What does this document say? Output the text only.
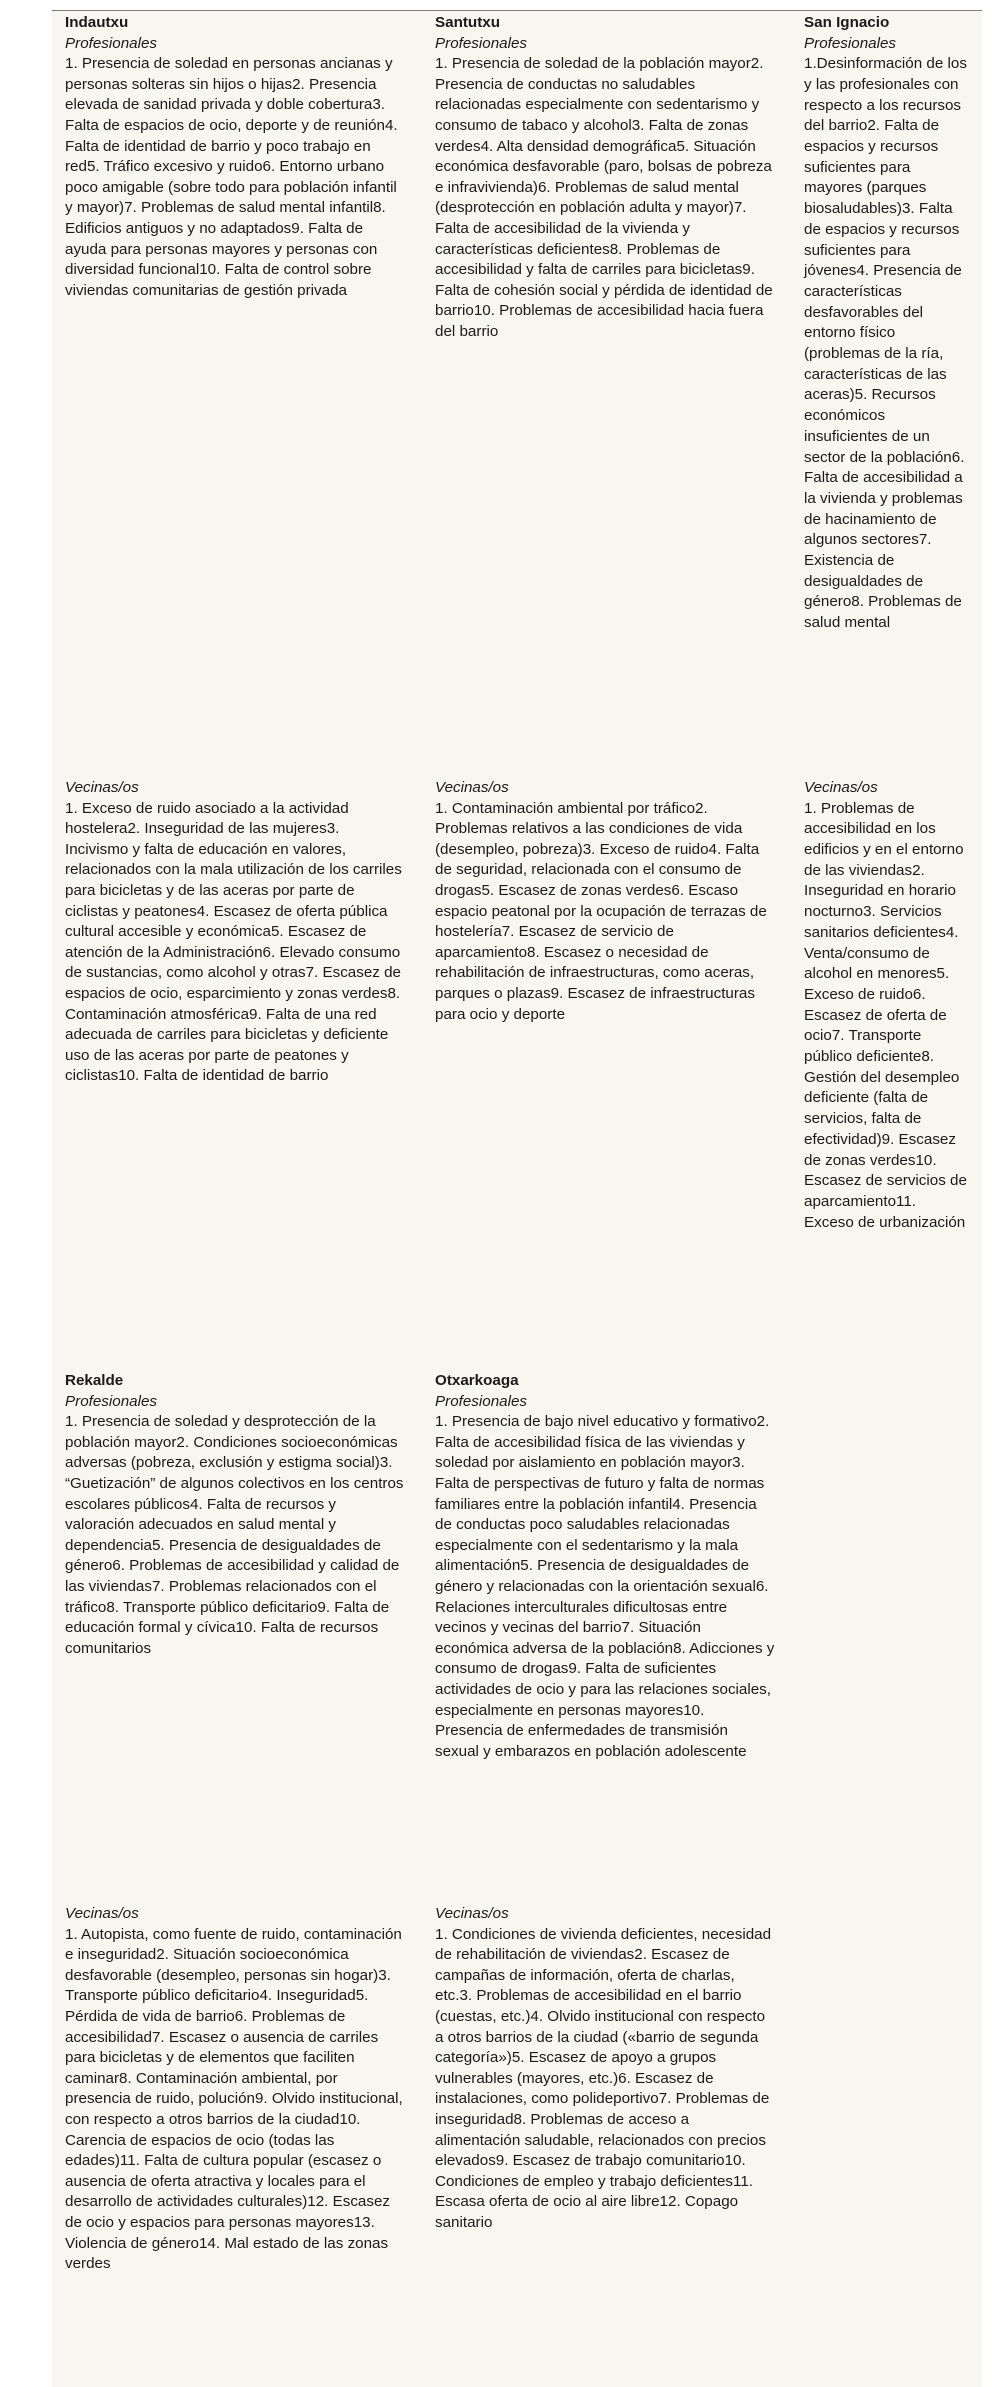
Indautxu
Profesionales
1. Presencia de soledad en personas ancianas y personas solteras sin hijos o hijas2. Presencia elevada de sanidad privada y doble cobertura3. Falta de espacios de ocio, deporte y de reunión4. Falta de identidad de barrio y poco trabajo en red5. Tráfico excesivo y ruido6. Entorno urbano poco amigable (sobre todo para población infantil y mayor)7. Problemas de salud mental infantil8. Edificios antiguos y no adaptados9. Falta de ayuda para personas mayores y personas con diversidad funcional10. Falta de control sobre viviendas comunitarias de gestión privada
Santutxu
Profesionales
1. Presencia de soledad de la población mayor2. Presencia de conductas no saludables relacionadas especialmente con sedentarismo y consumo de tabaco y alcohol3. Falta de zonas verdes4. Alta densidad demográfica5. Situación económica desfavorable (paro, bolsas de pobreza e infravivienda)6. Problemas de salud mental (desprotección en población adulta y mayor)7. Falta de accesibilidad de la vivienda y características deficientes8. Problemas de accesibilidad y falta de carriles para bicicletas9. Falta de cohesión social y pérdida de identidad de barrio10. Problemas de accesibilidad hacia fuera del barrio
San Ignacio
Profesionales
1.Desinformación de los y las profesionales con respecto a los recursos del barrio2. Falta de espacios y recursos suficientes para mayores (parques biosaludables)3. Falta de espacios y recursos suficientes para jóvenes4. Presencia de características desfavorables del entorno físico (problemas de la ría, características de las aceras)5. Recursos económicos insuficientes de un sector de la población6. Falta de accesibilidad a la vivienda y problemas de hacinamiento de algunos sectores7. Existencia de desigualdades de género8. Problemas de salud mental
Vecinas/os
1. Exceso de ruido asociado a la actividad hostelera2. Inseguridad de las mujeres3. Incivismo y falta de educación en valores, relacionados con la mala utilización de los carriles para bicicletas y de las aceras por parte de ciclistas y peatones4. Escasez de oferta pública cultural accesible y económica5. Escasez de atención de la Administración6. Elevado consumo de sustancias, como alcohol y otras7. Escasez de espacios de ocio, esparcimiento y zonas verdes8. Contaminación atmosférica9. Falta de una red adecuada de carriles para bicicletas y deficiente uso de las aceras por parte de peatones y ciclistas10. Falta de identidad de barrio
Vecinas/os
1. Contaminación ambiental por tráfico2. Problemas relativos a las condiciones de vida (desempleo, pobreza)3. Exceso de ruido4. Falta de seguridad, relacionada con el consumo de drogas5. Escasez de zonas verdes6. Escaso espacio peatonal por la ocupación de terrazas de hostelería7. Escasez de servicio de aparcamiento8. Escasez o necesidad de rehabilitación de infraestructuras, como aceras, parques o plazas9. Escasez de infraestructuras para ocio y deporte
Vecinas/os
1. Problemas de accesibilidad en los edificios y en el entorno de las viviendas2. Inseguridad en horario nocturno3. Servicios sanitarios deficientes4. Venta/consumo de alcohol en menores5. Exceso de ruido6. Escasez de oferta de ocio7. Transporte público deficiente8. Gestión del desempleo deficiente (falta de servicios, falta de efectividad)9. Escasez de zonas verdes10. Escasez de servicios de aparcamiento11. Exceso de urbanización
Rekalde
Profesionales
1. Presencia de soledad y desprotección de la población mayor2. Condiciones socioeconómicas adversas (pobreza, exclusión y estigma social)3. “Guetización” de algunos colectivos en los centros escolares públicos4. Falta de recursos y valoración adecuados en salud mental y dependencia5. Presencia de desigualdades de género6. Problemas de accesibilidad y calidad de las viviendas7. Problemas relacionados con el tráfico8. Transporte público deficitario9. Falta de educación formal y cívica10. Falta de recursos comunitarios
Otxarkoaga
Profesionales
1. Presencia de bajo nivel educativo y formativo2. Falta de accesibilidad física de las viviendas y soledad por aislamiento en población mayor3. Falta de perspectivas de futuro y falta de normas familiares entre la población infantil4. Presencia de conductas poco saludables relacionadas especialmente con el sedentarismo y la mala alimentación5. Presencia de desigualdades de género y relacionadas con la orientación sexual6. Relaciones interculturales dificultosas entre vecinos y vecinas del barrio7. Situación económica adversa de la población8. Adicciones y consumo de drogas9. Falta de suficientes actividades de ocio y para las relaciones sociales, especialmente en personas mayores10. Presencia de enfermedades de transmisión sexual y embarazos en población adolescente
Vecinas/os
1. Autopista, como fuente de ruido, contaminación e inseguridad2. Situación socioeconómica desfavorable (desempleo, personas sin hogar)3. Transporte público deficitario4. Inseguridad5. Pérdida de vida de barrio6. Problemas de accesibilidad7. Escasez o ausencia de carriles para bicicletas y de elementos que faciliten caminar8. Contaminación ambiental, por presencia de ruido, polución9. Olvido institucional, con respecto a otros barrios de la ciudad10. Carencia de espacios de ocio (todas las edades)11. Falta de cultura popular (escasez o ausencia de oferta atractiva y locales para el desarrollo de actividades culturales)12. Escasez de ocio y espacios para personas mayores13. Violencia de género14. Mal estado de las zonas verdes
Vecinas/os
1. Condiciones de vivienda deficientes, necesidad de rehabilitación de viviendas2. Escasez de campañas de información, oferta de charlas, etc.3. Problemas de accesibilidad en el barrio (cuestas, etc.)4. Olvido institucional con respecto a otros barrios de la ciudad («barrio de segunda categoría»)5. Escasez de apoyo a grupos vulnerables (mayores, etc.)6. Escasez de instalaciones, como polideportivo7. Problemas de inseguridad8. Problemas de acceso a alimentación saludable, relacionados con precios elevados9. Escasez de trabajo comunitario10. Condiciones de empleo y trabajo deficientes11. Escasa oferta de ocio al aire libre12. Copago sanitario
